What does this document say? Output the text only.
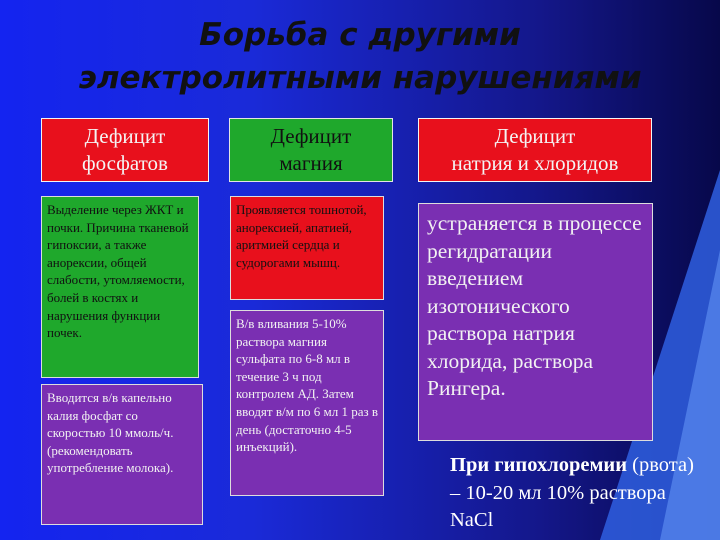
Борьба с другими
электролитными нарушениями
Дефицит
фосфатов
Дефицит
магния
Дефицит
натрия и хлоридов
Выделение через ЖКТ и почки. Причина тканевой гипоксии, а также анорексии, общей слабости, утомляемости, болей в костях и нарушения функции почек.
Вводится в/в капельно калия фосфат со скоростью 10 ммоль/ч. (рекомендовать употребление молока).
Проявляется тошнотой, анорексией, апатией, аритмией сердца и судорогами мышц.
В/в вливания 5-10% раствора магния сульфата по 6-8 мл в течение 3 ч под контролем АД. Затем вводят в/м по 6 мл 1 раз в день (достаточно 4-5 инъекций).
устраняется в процессе регидратации введением изотонического раствора натрия хлорида, раствора Рингера.
При гипохлоремии (рвота) – 10-20 мл 10% раствора NaCl
